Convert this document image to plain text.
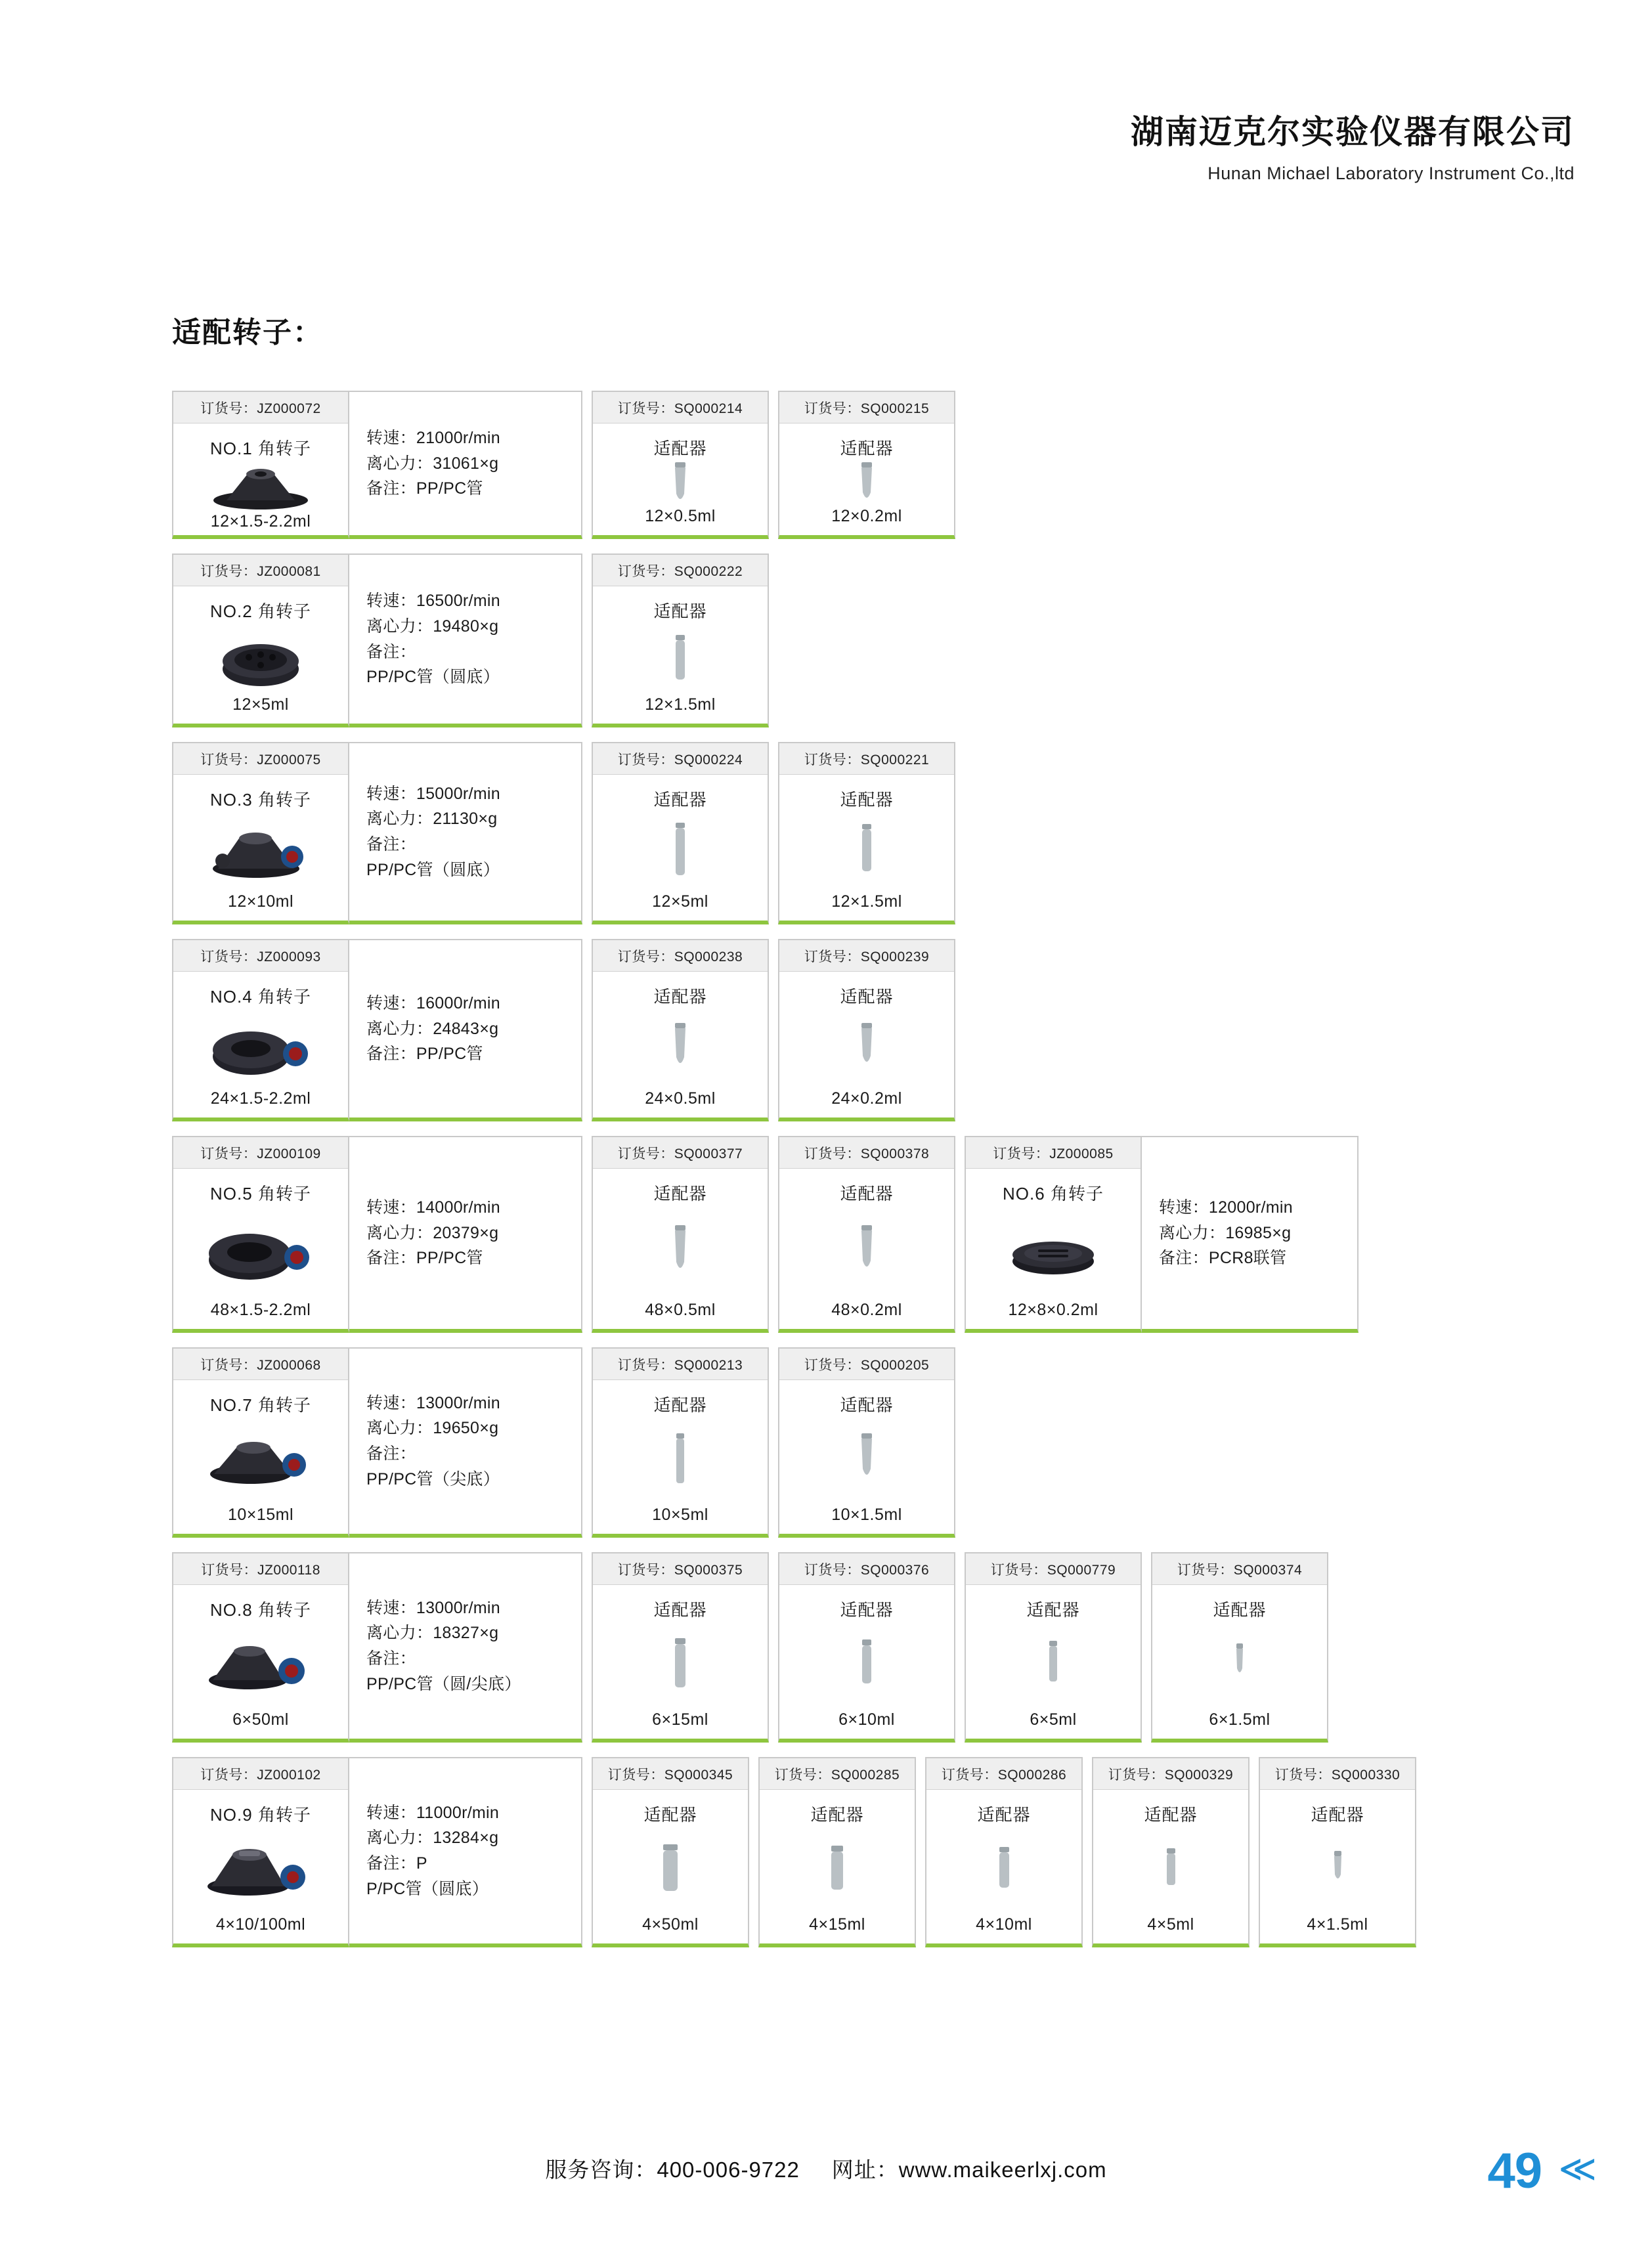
湖南迈克尔实验仪器有限公司
Hunan Michael Laboratory Instrument Co.,ltd
适配转子：
订货号：JZ000072
NO.1 角转子
12×1.5-2.2ml
转速：21000r/min
离心力：31061×g
备注：PP/PC管
订货号：SQ000214
适配器
12×0.5ml
订货号：SQ000215
适配器
12×0.2ml
订货号：JZ000081
NO.2 角转子
12×5ml
转速：16500r/min
离心力：19480×g
备注：
PP/PC管（圆底）
订货号：SQ000222
适配器
12×1.5ml
订货号：JZ000075
NO.3 角转子
12×10ml
转速：15000r/min
离心力：21130×g
备注：
PP/PC管（圆底）
订货号：SQ000224
适配器
12×5ml
订货号：SQ000221
适配器
12×1.5ml
订货号：JZ000093
NO.4 角转子
24×1.5-2.2ml
转速：16000r/min
离心力：24843×g
备注：PP/PC管
订货号：SQ000238
适配器
24×0.5ml
订货号：SQ000239
适配器
24×0.2ml
订货号：JZ000109
NO.5 角转子
48×1.5-2.2ml
转速：14000r/min
离心力：20379×g
备注：PP/PC管
订货号：SQ000377
适配器
48×0.5ml
订货号：SQ000378
适配器
48×0.2ml
订货号：JZ000085
NO.6 角转子
12×8×0.2ml
转速：12000r/min
离心力：16985×g
备注：PCR8联管
订货号：JZ000068
NO.7 角转子
10×15ml
转速：13000r/min
离心力：19650×g
备注：
PP/PC管（尖底）
订货号：SQ000213
适配器
10×5ml
订货号：SQ000205
适配器
10×1.5ml
订货号：JZ000118
NO.8 角转子
6×50ml
转速：13000r/min
离心力：18327×g
备注：
PP/PC管（圆/尖底）
订货号：SQ000375
适配器
6×15ml
订货号：SQ000376
适配器
6×10ml
订货号：SQ000779
适配器
6×5ml
订货号：SQ000374
适配器
6×1.5ml
订货号：JZ000102
NO.9 角转子
4×10/100ml
转速：11000r/min
离心力：13284×g
备注：P
P/PC管（圆底）
订货号：SQ000345
适配器
4×50ml
订货号：SQ000285
适配器
4×15ml
订货号：SQ000286
适配器
4×10ml
订货号：SQ000329
适配器
4×5ml
订货号：SQ000330
适配器
4×1.5ml
服务咨询：400-006-9722 网址：www.maikeerlxj.com	49 ≪
